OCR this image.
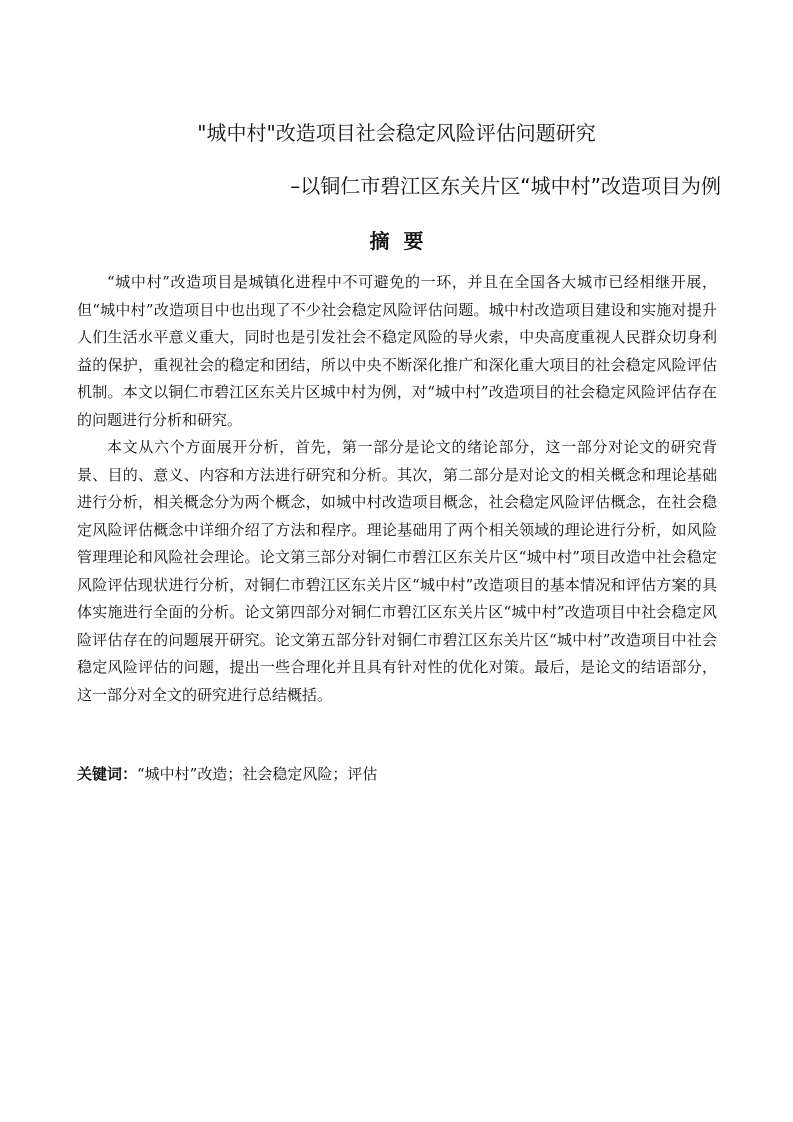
"城中村"改造项目社会稳定风险评估问题研究
–以铜仁市碧江区东关片区“城中村”改造项目为例
摘要

“城中村”改造项目是城镇化进程中不可避免的一环，并且在全国各大城市已经相继开展，但“城中村”改造项目中也出现了不少社会稳定风险评估问题。城中村改造项目建设和实施对提升人们生活水平意义重大，同时也是引发社会不稳定风险的导火索，中央高度重视人民群众切身利益的保护，重视社会的稳定和团结，所以中央不断深化推广和深化重大项目的社会稳定风险评估机制。本文以铜仁市碧江区东关片区城中村为例，对“城中村”改造项目的社会稳定风险评估存在的问题进行分析和研究。

本文从六个方面展开分析，首先，第一部分是论文的绪论部分，这一部分对论文的研究背景、目的、意义、内容和方法进行研究和分析。其次，第二部分是对论文的相关概念和理论基础进行分析，相关概念分为两个概念，如城中村改造项目概念，社会稳定风险评估概念，在社会稳定风险评估概念中详细介绍了方法和程序。理论基础用了两个相关领域的理论进行分析，如风险管理理论和风险社会理论。论文第三部分对铜仁市碧江区东关片区“城中村”项目改造中社会稳定风险评估现状进行分析，对铜仁市碧江区东关片区“城中村”改造项目的基本情况和评估方案的具体实施进行全面的分析。论文第四部分对铜仁市碧江区东关片区“城中村”改造项目中社会稳定风险评估存在的问题展开研究。论文第五部分针对铜仁市碧江区东关片区“城中村”改造项目中社会稳定风险评估的问题，提出一些合理化并且具有针对性的优化对策。最后，是论文的结语部分，这一部分对全文的研究进行总结概括。

关键词：“城中村”改造；社会稳定风险；评估
